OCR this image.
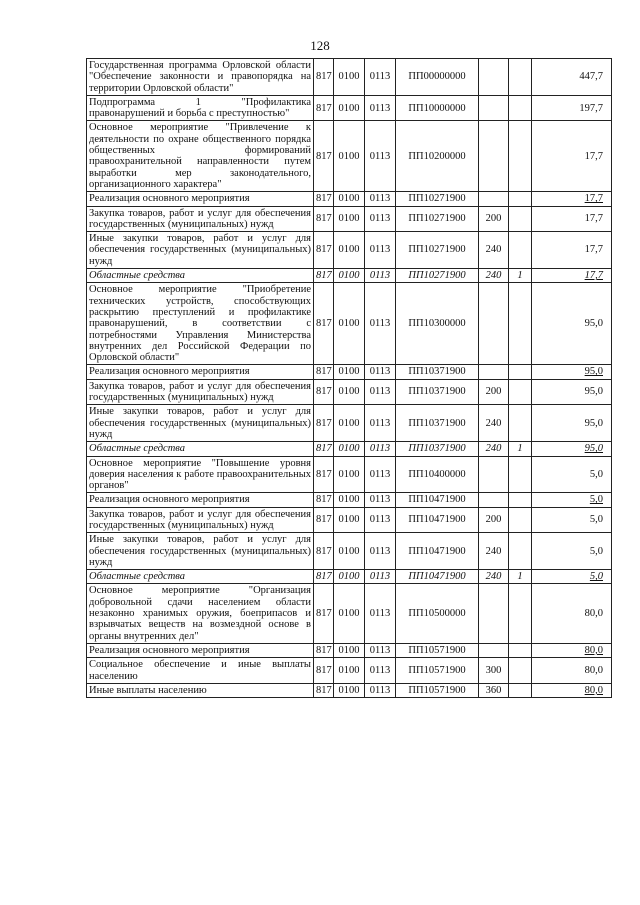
128
Государственная программа Орловской области "Обеспечение законности и правопорядка на территории Орловской области"	817	0100	0113	ПП00000000			447,7
Подпрограмма 1 "Профилактика правонарушений и борьба с преступностью"	817	0100	0113	ПП10000000			197,7
Основное мероприятие "Привлечение к деятельности по охране общественного порядка общественных формирований правоохранительной направленности путем выработки мер законодательного, организационного характера"	817	0100	0113	ПП10200000			17,7
Реализация основного мероприятия	817	0100	0113	ПП10271900			17,7
Закупка товаров, работ и услуг для обеспечения государственных (муниципальных) нужд	817	0100	0113	ПП10271900	200		17,7
Иные закупки товаров, работ и услуг для обеспечения государственных (муниципальных) нужд	817	0100	0113	ПП10271900	240		17,7
Областные средства	817	0100	0113	ПП10271900	240	1	17,7
Основное мероприятие "Приобретение технических устройств, способствующих раскрытию преступлений и профилактике правонарушений, в соответствии с потребностями Управления Министерства внутренних дел Российской Федерации по Орловской области"	817	0100	0113	ПП10300000			95,0
Реализация основного мероприятия	817	0100	0113	ПП10371900			95,0
Закупка товаров, работ и услуг для обеспечения государственных (муниципальных) нужд	817	0100	0113	ПП10371900	200		95,0
Иные закупки товаров, работ и услуг для обеспечения государственных (муниципальных) нужд	817	0100	0113	ПП10371900	240		95,0
Областные средства	817	0100	0113	ПП10371900	240	1	95,0
Основное мероприятие "Повышение уровня доверия населения к работе правоохранительных органов"	817	0100	0113	ПП10400000			5,0
Реализация основного мероприятия	817	0100	0113	ПП10471900			5,0
Закупка товаров, работ и услуг для обеспечения государственных (муниципальных) нужд	817	0100	0113	ПП10471900	200		5,0
Иные закупки товаров, работ и услуг для обеспечения государственных (муниципальных) нужд	817	0100	0113	ПП10471900	240		5,0
Областные средства	817	0100	0113	ПП10471900	240	1	5,0
Основное мероприятие "Организация добровольной сдачи населением области незаконно хранимых оружия, боеприпасов и взрывчатых веществ на возмездной основе в органы внутренних дел"	817	0100	0113	ПП10500000			80,0
Реализация основного мероприятия	817	0100	0113	ПП10571900			80,0
Социальное обеспечение и иные выплаты населению	817	0100	0113	ПП10571900	300		80,0
Иные выплаты населению	817	0100	0113	ПП10571900	360		80,0
